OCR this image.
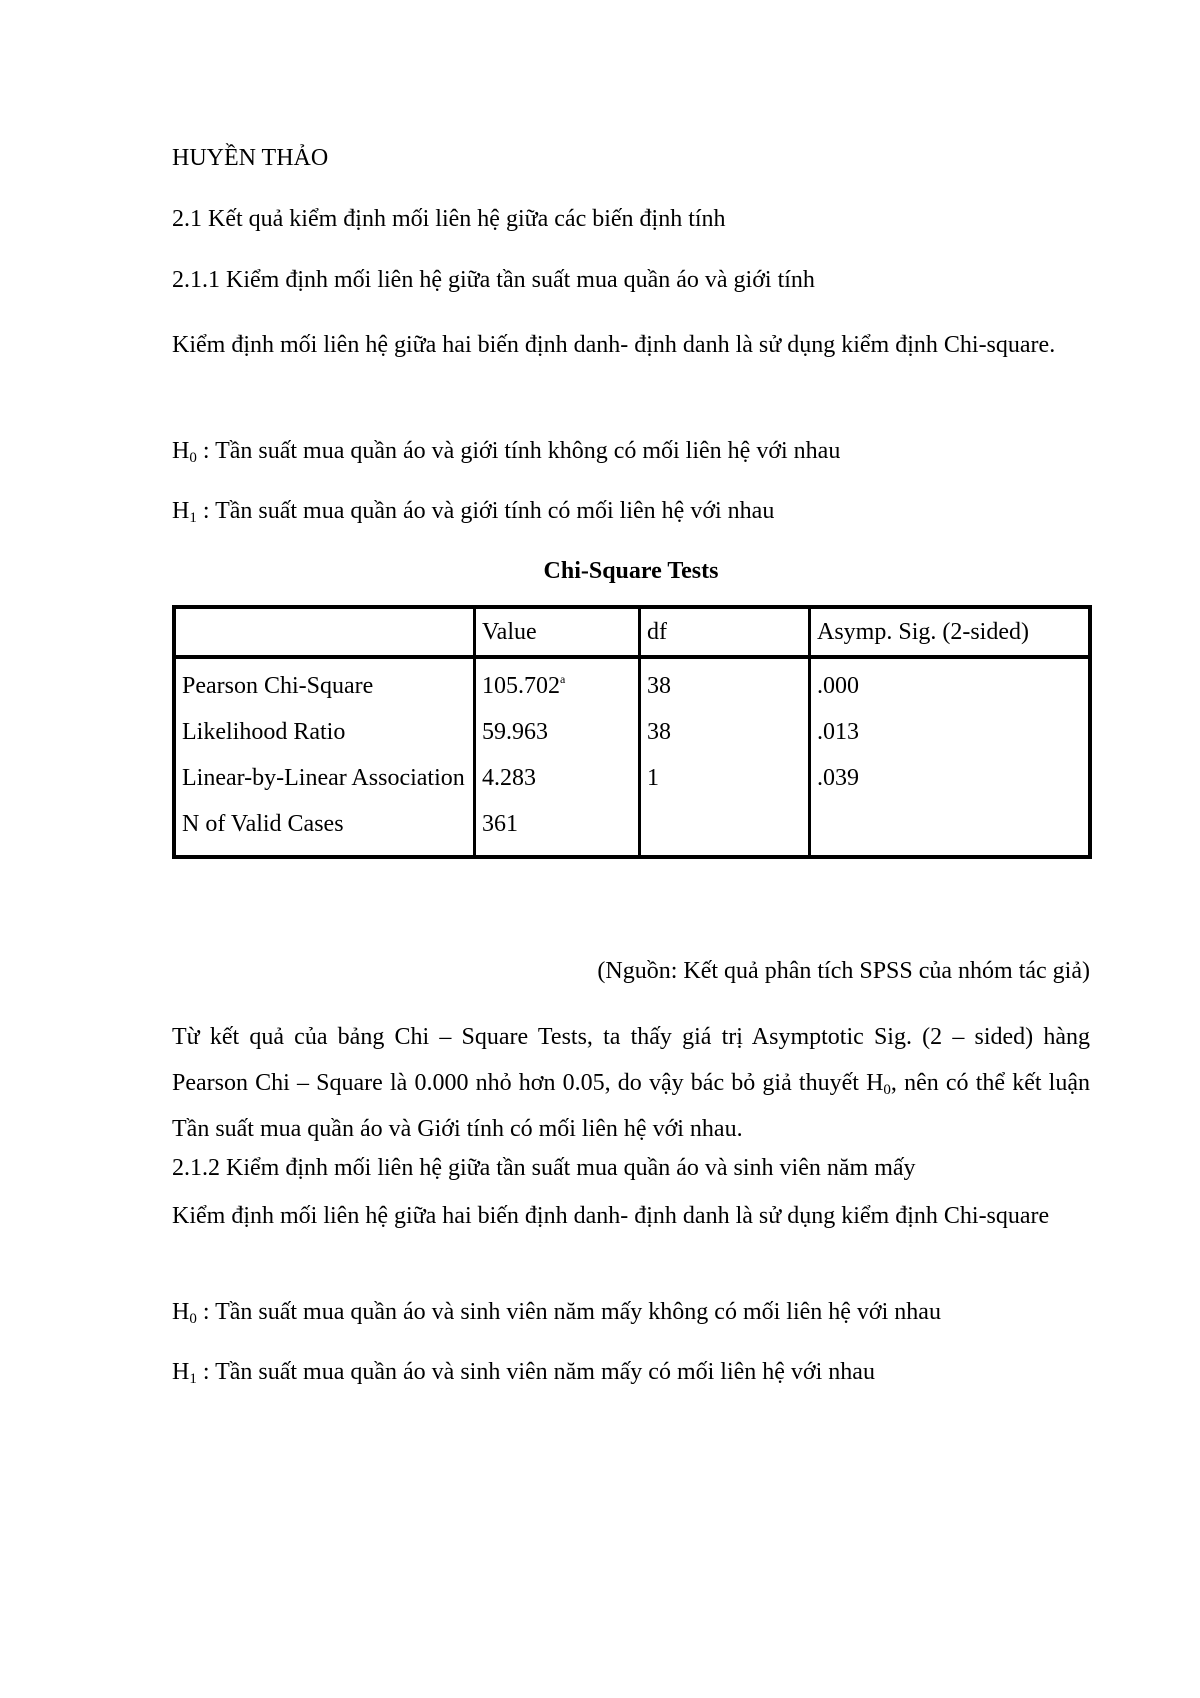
HUYỀN THẢO
2.1 Kết quả kiểm định mối liên hệ giữa các biến định tính
2.1.1 Kiểm định mối liên hệ giữa tần suất mua quần áo và giới tính
Kiểm định mối liên hệ giữa hai biến định danh- định danh là sử dụng kiểm định Chi-square.
H0 : Tần suất mua quần áo và giới tính không có mối liên hệ với nhau
H1 : Tần suất mua quần áo và giới tính có mối liên hệ với nhau
Chi-Square Tests
	Value	df	Asymp. Sig. (2-sided)
Pearson Chi-Square	105.702$^a$	38	.000
Likelihood Ratio	59.963	38	.013
Linear-by-Linear Association	4.283	1	.039
N of Valid Cases	361		
(Nguồn: Kết quả phân tích SPSS của nhóm tác giả)
Từ kết quả của bảng Chi – Square Tests, ta thấy giá trị Asymptotic Sig. (2 – sided) hàng Pearson Chi – Square là 0.000 nhỏ hơn 0.05, do vậy bác bỏ giả thuyết H0, nên có thể kết luận Tần suất mua quần áo và Giới tính có mối liên hệ với nhau.
2.1.2 Kiểm định mối liên hệ giữa tần suất mua quần áo và sinh viên năm mấy
Kiểm định mối liên hệ giữa hai biến định danh- định danh là sử dụng kiểm định Chi-square
H0 : Tần suất mua quần áo và sinh viên năm mấy không có mối liên hệ với nhau
H1 : Tần suất mua quần áo và sinh viên năm mấy có mối liên hệ với nhau
